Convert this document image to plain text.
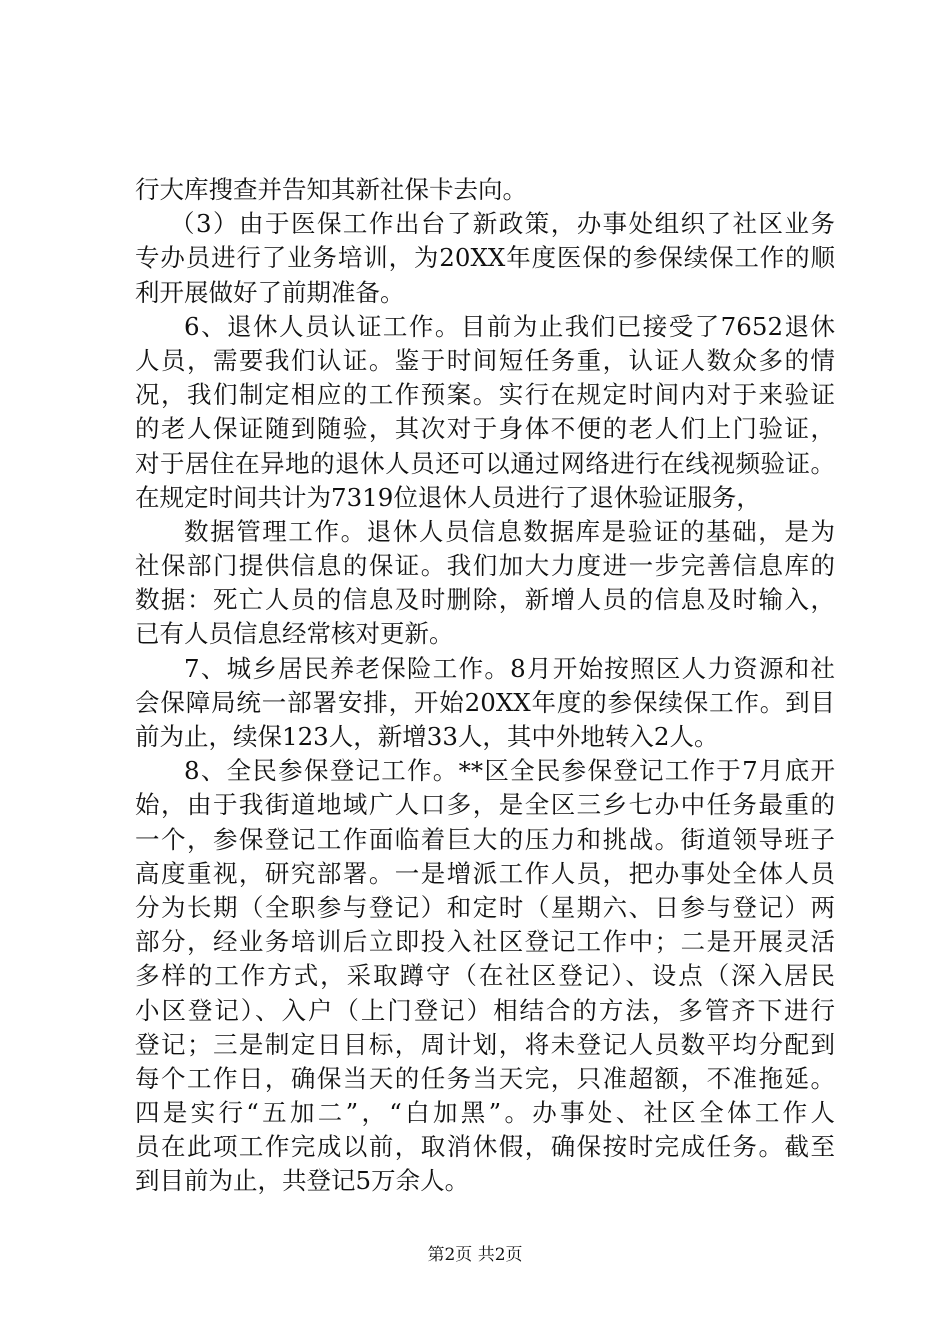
行大库搜查并告知其新社保卡去向。
（3）由于医保工作出台了新政策，办事处组织了社区业务
专办员进行了业务培训，为20XX年度医保的参保续保工作的顺
利开展做好了前期准备。
6、退休人员认证工作。目前为止我们已接受了7652退休
人员，需要我们认证。鉴于时间短任务重，认证人数众多的情
况，我们制定相应的工作预案。实行在规定时间内对于来验证
的老人保证随到随验，其次对于身体不便的老人们上门验证，
对于居住在异地的退休人员还可以通过网络进行在线视频验证。
在规定时间共计为7319位退休人员进行了退休验证服务，
数据管理工作。退休人员信息数据库是验证的基础，是为
社保部门提供信息的保证。我们加大力度进一步完善信息库的
数据：死亡人员的信息及时删除，新增人员的信息及时输入，
已有人员信息经常核对更新。
7、城乡居民养老保险工作。8月开始按照区人力资源和社
会保障局统一部署安排，开始20XX年度的参保续保工作。到目
前为止，续保123人，新增33人，其中外地转入2人。
8、全民参保登记工作。**区全民参保登记工作于7月底开
始，由于我街道地域广人口多，是全区三乡七办中任务最重的
一个，参保登记工作面临着巨大的压力和挑战。街道领导班子
高度重视，研究部署。一是增派工作人员，把办事处全体人员
分为长期（全职参与登记）和定时（星期六、日参与登记）两
部分，经业务培训后立即投入社区登记工作中；二是开展灵活
多样的工作方式，采取蹲守（在社区登记）、设点（深入居民
小区登记）、入户（上门登记）相结合的方法，多管齐下进行
登记；三是制定日目标，周计划，将未登记人员数平均分配到
每个工作日，确保当天的任务当天完，只准超额，不准拖延。
四是实行“五加二”，“白加黑”。办事处、社区全体工作人
员在此项工作完成以前，取消休假，确保按时完成任务。截至
到目前为止，共登记5万余人。
第2页 共2页
